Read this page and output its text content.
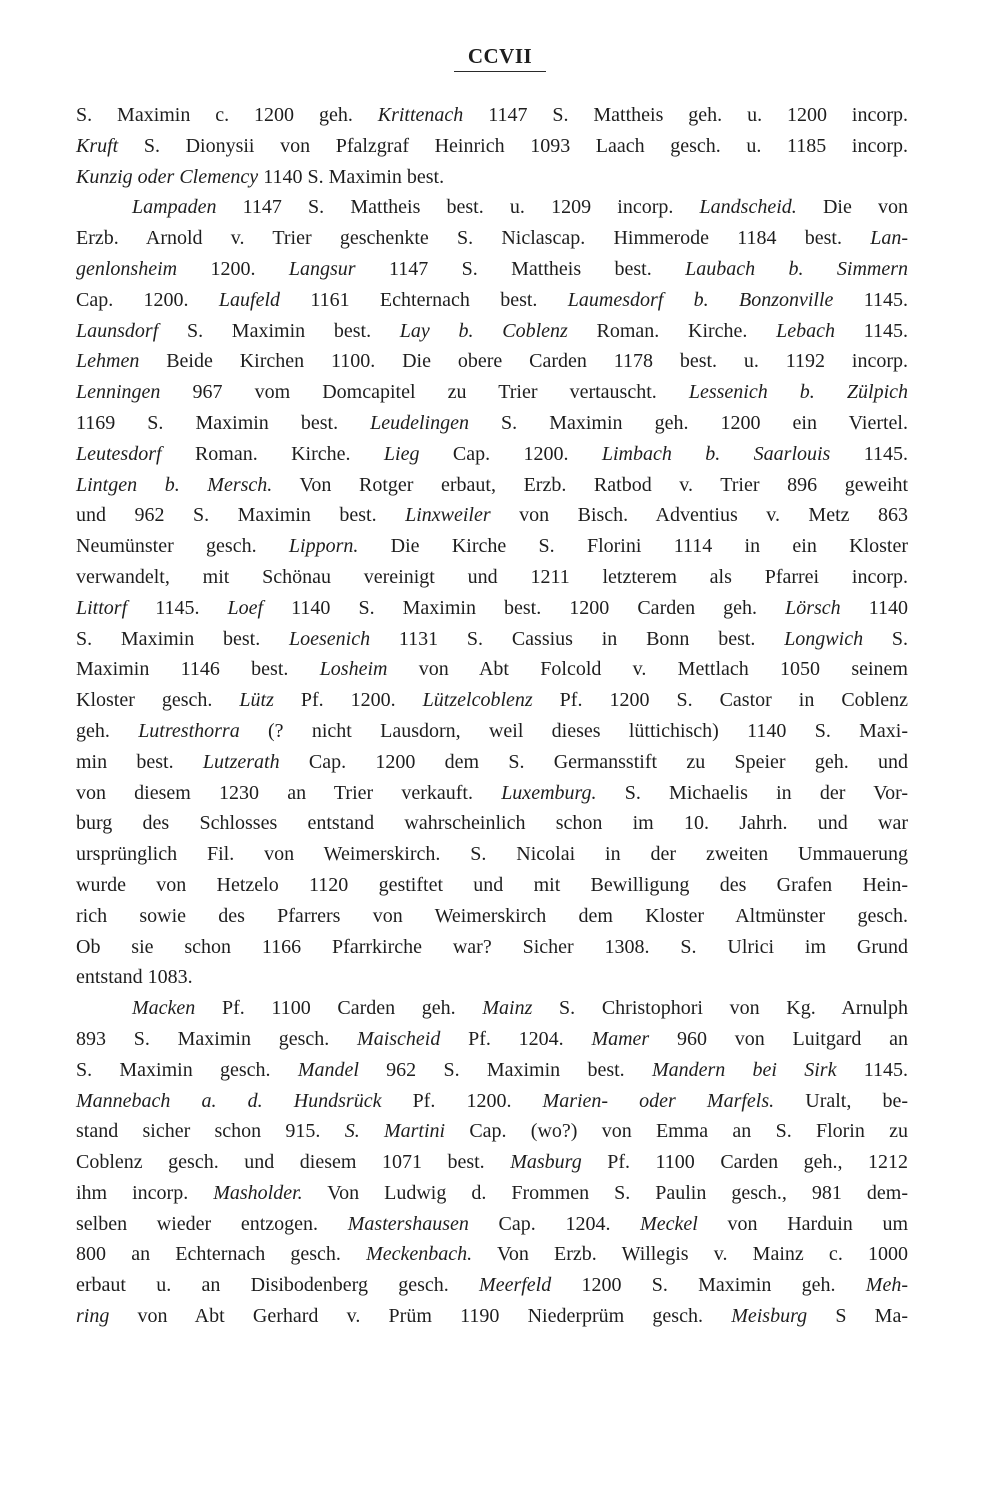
CCVII
S. Maximin c. 1200 geh. Krittenach 1147 S. Mattheis geh. u. 1200 incorp.
Kruft S. Dionysii von Pfalzgraf Heinrich 1093 Laach gesch. u. 1185 incorp.
Kunzig oder Clemency 1140 S. Maximin best.
Lampaden 1147 S. Mattheis best. u. 1209 incorp. Landscheid. Die von
Erzb. Arnold v. Trier geschenkte S. Niclascap. Himmerode 1184 best. Lan-
genlonsheim 1200. Langsur 1147 S. Mattheis best. Laubach b. Simmern
Cap. 1200. Laufeld 1161 Echternach best. Laumesdorf b. Bonzonville 1145.
Launsdorf S. Maximin best. Lay b. Coblenz Roman. Kirche. Lebach 1145.
Lehmen Beide Kirchen 1100. Die obere Carden 1178 best. u. 1192 incorp.
Lenningen 967 vom Domcapitel zu Trier vertauscht. Lessenich b. Zülpich
1169 S. Maximin best. Leudelingen S. Maximin geh. 1200 ein Viertel.
Leutesdorf Roman. Kirche. Lieg Cap. 1200. Limbach b. Saarlouis 1145.
Lintgen b. Mersch. Von Rotger erbaut, Erzb. Ratbod v. Trier 896 geweiht
und 962 S. Maximin best. Linxweiler von Bisch. Adventius v. Metz 863
Neumünster gesch. Lipporn. Die Kirche S. Florini 1114 in ein Kloster
verwandelt, mit Schönau vereinigt und 1211 letzterem als Pfarrei incorp.
Littorf 1145. Loef 1140 S. Maximin best. 1200 Carden geh. Lörsch 1140
S. Maximin best. Loesenich 1131 S. Cassius in Bonn best. Longwich S.
Maximin 1146 best. Losheim von Abt Folcold v. Mettlach 1050 seinem
Kloster gesch. Lütz Pf. 1200. Lützelcoblenz Pf. 1200 S. Castor in Coblenz
geh. Lutresthorra (? nicht Lausdorn, weil dieses lüttichisch) 1140 S. Maxi-
min best. Lutzerath Cap. 1200 dem S. Germansstift zu Speier geh. und
von diesem 1230 an Trier verkauft. Luxemburg. S. Michaelis in der Vor-
burg des Schlosses entstand wahrscheinlich schon im 10. Jahrh. und war
ursprünglich Fil. von Weimerskirch. S. Nicolai in der zweiten Ummauerung
wurde von Hetzelo 1120 gestiftet und mit Bewilligung des Grafen Hein-
rich sowie des Pfarrers von Weimerskirch dem Kloster Altmünster gesch.
Ob sie schon 1166 Pfarrkirche war? Sicher 1308. S. Ulrici im Grund
entstand 1083.
Macken Pf. 1100 Carden geh. Mainz S. Christophori von Kg. Arnulph
893 S. Maximin gesch. Maischeid Pf. 1204. Mamer 960 von Luitgard an
S. Maximin gesch. Mandel 962 S. Maximin best. Mandern bei Sirk 1145.
Mannebach a. d. Hundsrück Pf. 1200. Marien- oder Marfels. Uralt, be-
stand sicher schon 915. S. Martini Cap. (wo?) von Emma an S. Florin zu
Coblenz gesch. und diesem 1071 best. Masburg Pf. 1100 Carden geh., 1212
ihm incorp. Masholder. Von Ludwig d. Frommen S. Paulin gesch., 981 dem-
selben wieder entzogen. Mastershausen Cap. 1204. Meckel von Harduin um
800 an Echternach gesch. Meckenbach. Von Erzb. Willegis v. Mainz c. 1000
erbaut u. an Disibodenberg gesch. Meerfeld 1200 S. Maximin geh. Meh-
ring von Abt Gerhard v. Prüm 1190 Niederprüm gesch. Meisburg S Ma-
